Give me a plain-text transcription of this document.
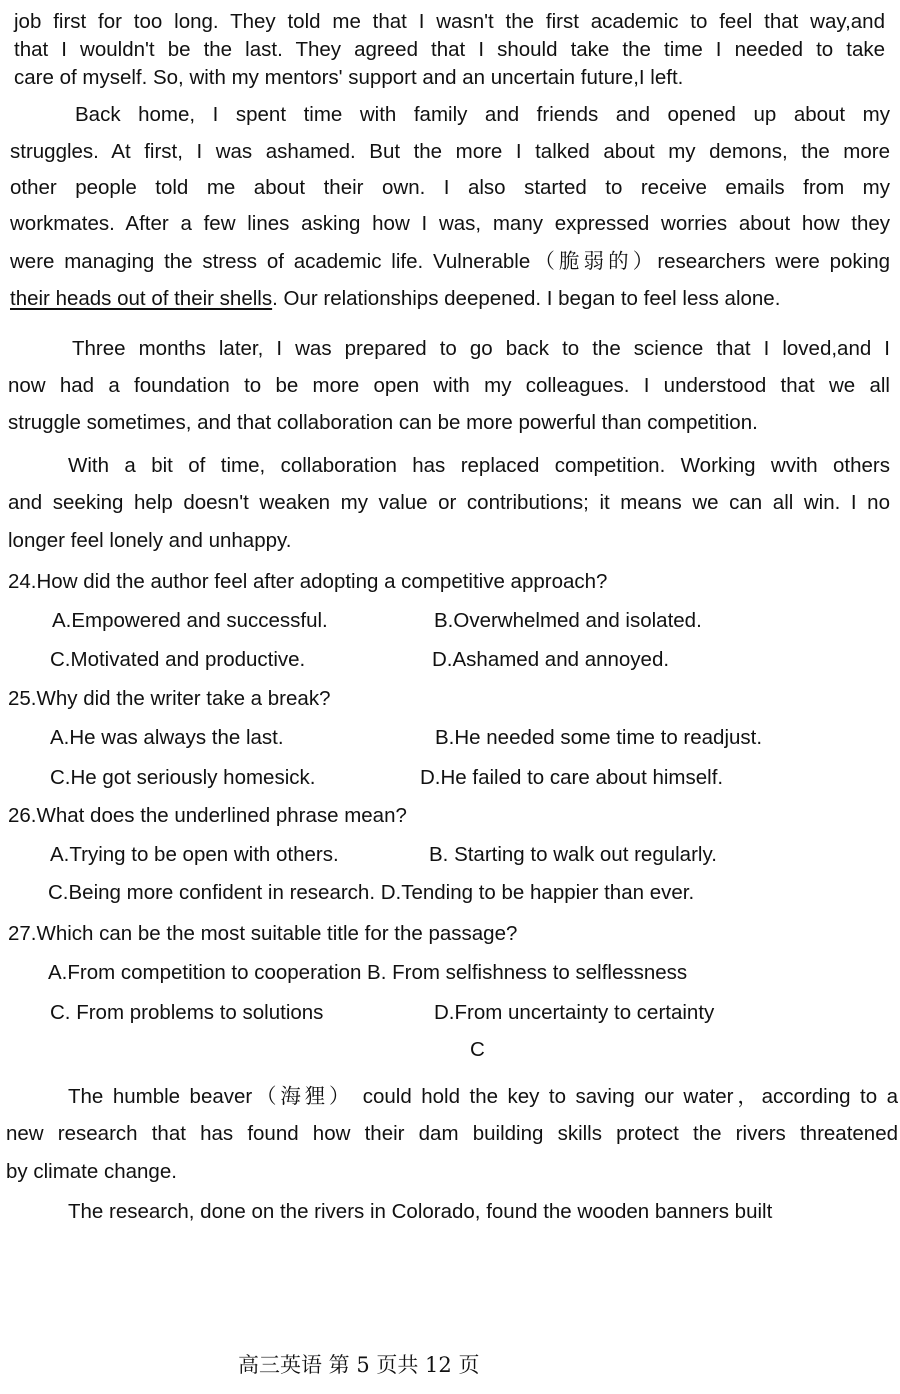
job first for too long. They told me that I wasn't the first academic to feel that way,and
that I wouldn't be the last. They agreed that I should take the time I needed to take
care of myself. So, with my mentors' support and an uncertain future,I left.
Back home, I spent time with family and friends and opened up about my
struggles. At first, I was ashamed. But the more I talked about my demons, the more
other people told me about their own. I also started to receive emails from my
workmates. After a few lines asking how I was, many expressed worries about how they
were managing the stress of academic life. Vulnerable（脆弱的）researchers were poking
their heads out of their shells. Our relationships deepened. I began to feel less alone.
Three months later, I was prepared to go back to the science that I loved,and I
now had a foundation to be more open with my colleagues. I understood that we all
struggle sometimes, and that collaboration can be more powerful than competition.
With a bit of time, collaboration has replaced competition. Working wvith others
and seeking help doesn't weaken my value or contributions; it means we can all win. I no
longer feel lonely and unhappy.
24.How did the author feel after adopting a competitive approach?
A.Empowered and successful.	B.Overwhelmed and isolated.
C.Motivated and productive.	D.Ashamed and annoyed.
25.Why did the writer take a break?
A.He was always the last.	B.He needed some time to readjust.
C.He got seriously homesick.	D.He failed to care about himself.
26.What does the underlined phrase mean?
A.Trying to be open with others.	B. Starting to walk out regularly.
C.Being more confident in research. D.Tending to be happier than ever.
27.Which can be the most suitable title for the passage?
A.From competition to cooperation B. From selfishness to selflessness
C. From problems to solutions	D.From uncertainty to certainty
C
The humble beaver（海狸） could hold the key to saving our water，according to a
new research that has found how their dam building skills protect the rivers threatened
by climate change.
The research, done on the rivers in Colorado, found the wooden banners built
高三英语 第 5 页共 12 页
